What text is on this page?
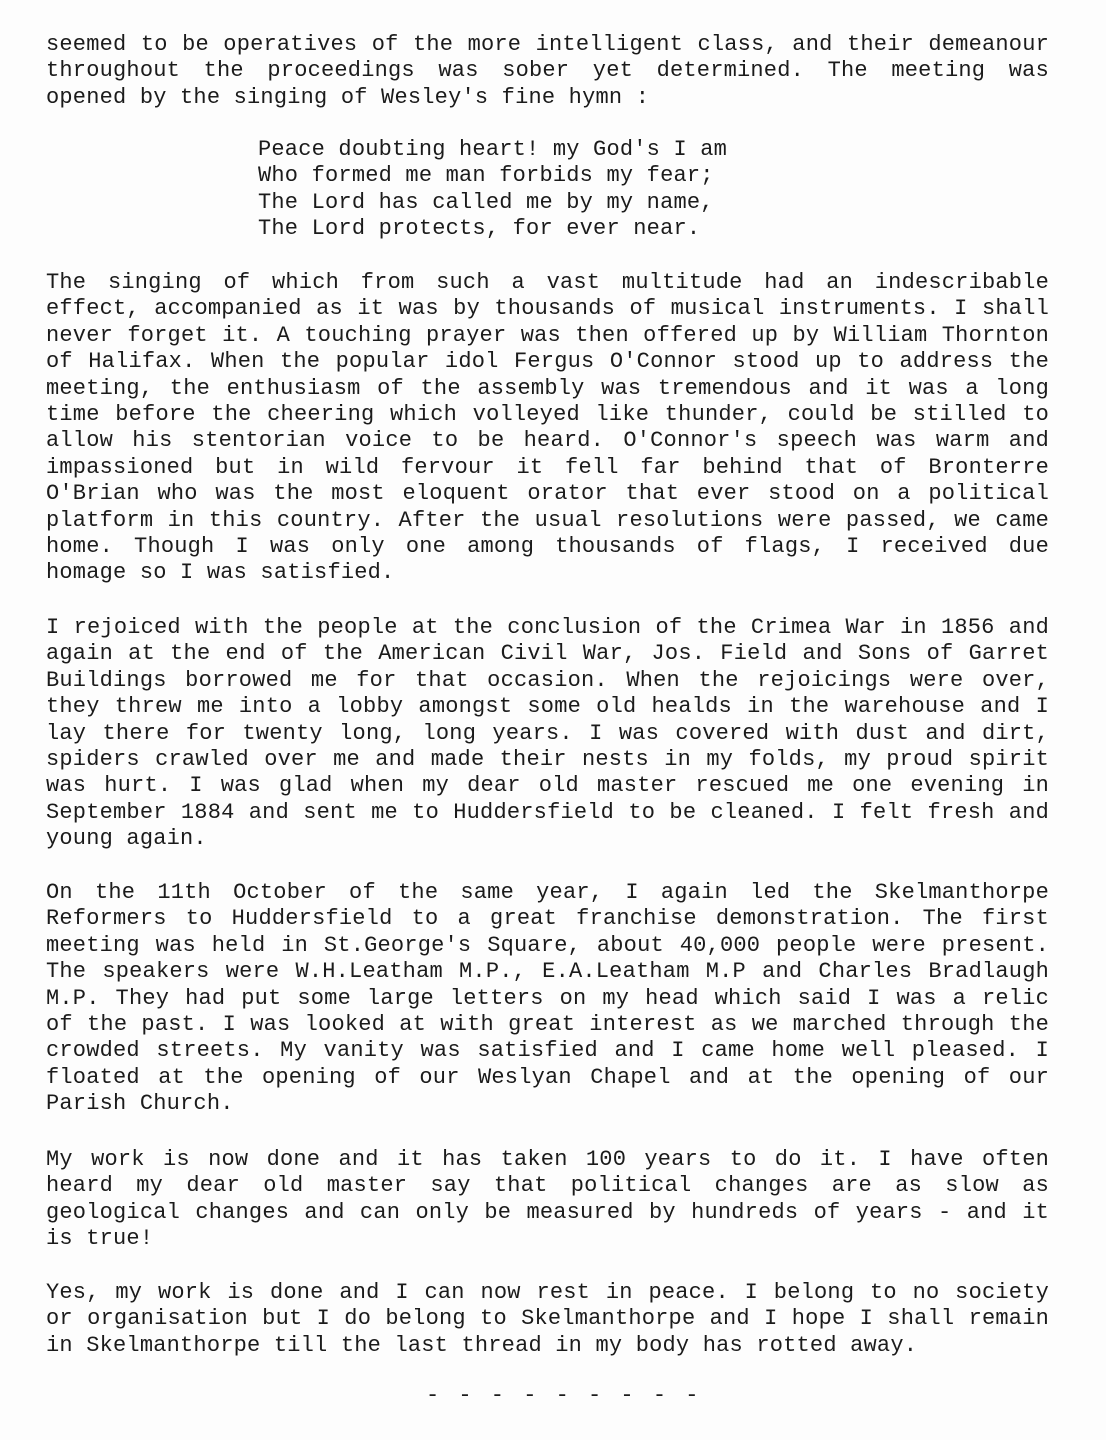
seemed to be operatives of the more intelligent class, and their demeanour
throughout the proceedings was sober yet determined. The meeting was
opened by the singing of Wesley's fine hymn :
Peace doubting heart! my God's I am
Who formed me man forbids my fear;
The Lord has called me by my name,
The Lord protects, for ever near.
The singing of which from such a vast multitude had an indescribable
effect, accompanied as it was by thousands of musical instruments. I shall
never forget it. A touching prayer was then offered up by William Thornton
of Halifax. When the popular idol Fergus O'Connor stood up to address the
meeting, the enthusiasm of the assembly was tremendous and it was a long
time before the cheering which volleyed like thunder, could be stilled to
allow his stentorian voice to be heard. O'Connor's speech was warm and
impassioned but in wild fervour it fell far behind that of Bronterre
O'Brian who was the most eloquent orator that ever stood on a political
platform in this country. After the usual resolutions were passed, we came
home. Though I was only one among thousands of flags, I received due
homage so I was satisfied.
I rejoiced with the people at the conclusion of the Crimea War in 1856 and
again at the end of the American Civil War, Jos. Field and Sons of Garret
Buildings borrowed me for that occasion. When the rejoicings were over,
they threw me into a lobby amongst some old healds in the warehouse and I
lay there for twenty long, long years. I was covered with dust and dirt,
spiders crawled over me and made their nests in my folds, my proud spirit
was hurt. I was glad when my dear old master rescued me one evening in
September 1884 and sent me to Huddersfield to be cleaned. I felt fresh and
young again.
On the 11th October of the same year, I again led the Skelmanthorpe
Reformers to Huddersfield to a great franchise demonstration. The first
meeting was held in St.George's Square, about 40,000 people were present.
The speakers were W.H.Leatham M.P., E.A.Leatham M.P and Charles Bradlaugh
M.P. They had put some large letters on my head which said I was a relic
of the past. I was looked at with great interest as we marched through the
crowded streets. My vanity was satisfied and I came home well pleased. I
floated at the opening of our Weslyan Chapel and at the opening of our
Parish Church.
My work is now done and it has taken 100 years to do it. I have often
heard my dear old master say that political changes are as slow as
geological changes and can only be measured by hundreds of years - and it
is true!
Yes, my work is done and I can now rest in peace. I belong to no society
or organisation but I do belong to Skelmanthorpe and I hope I shall remain
in Skelmanthorpe till the last thread in my body has rotted away.
- - - - - - - - -
